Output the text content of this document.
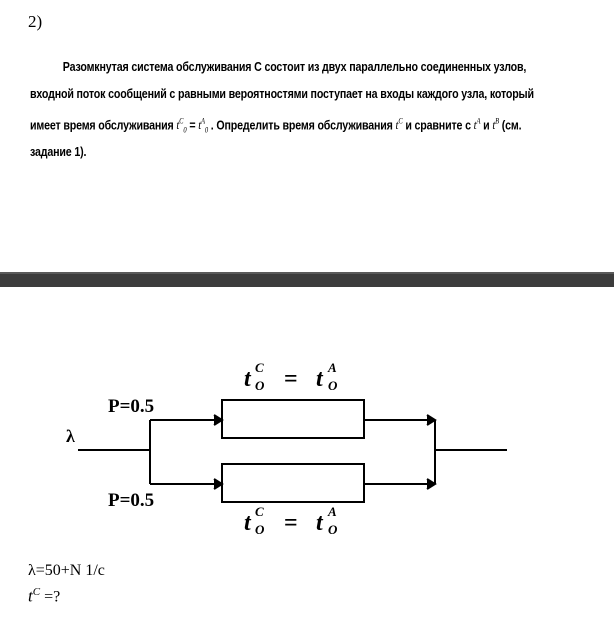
2)
Разомкнутая система обслуживания С состоит из двух параллельно соединенных узлов,
входной поток сообщений с равными вероятностями поступает на входы каждого узла, который
имеет время обслуживания $t^C_0 = t^A_0$ . Определить время обслуживания $t^C$ и сравните с $t^A$ и $t^B$ (см.
задание 1).
λ
P=0.5
P=0.5
t C
O = t A
O
t C
O = t A
O
λ=50+N 1/с
$t^C$ =?
